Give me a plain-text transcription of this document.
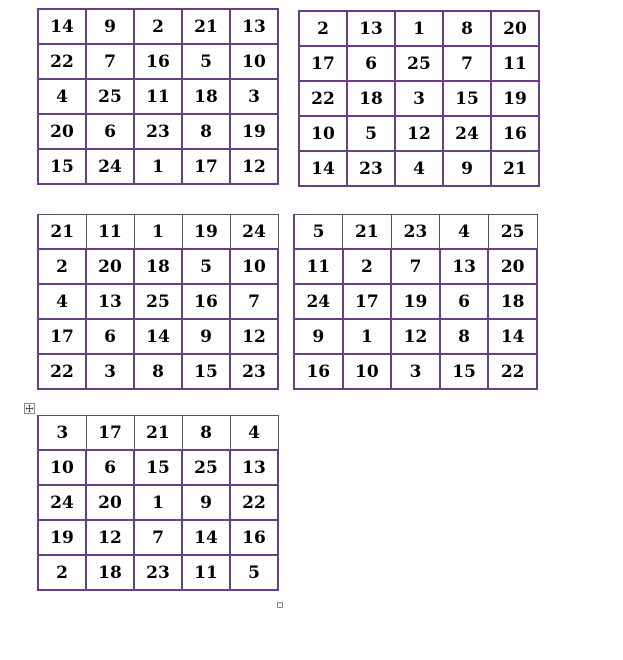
14	9	2	21	13
22	7	16	5	10
4	25	11	18	3
20	6	23	8	19
15	24	1	17	12
2	13	1	8	20
17	6	25	7	11
22	18	3	15	19
10	5	12	24	16
14	23	4	9	21
21	11	1	19	24
2	20	18	5	10
4	13	25	16	7
17	6	14	9	12
22	3	8	15	23
5	21	23	4	25
11	2	7	13	20
24	17	19	6	18
9	1	12	8	14
16	10	3	15	22
3	17	21	8	4
10	6	15	25	13
24	20	1	9	22
19	12	7	14	16
2	18	23	11	5
